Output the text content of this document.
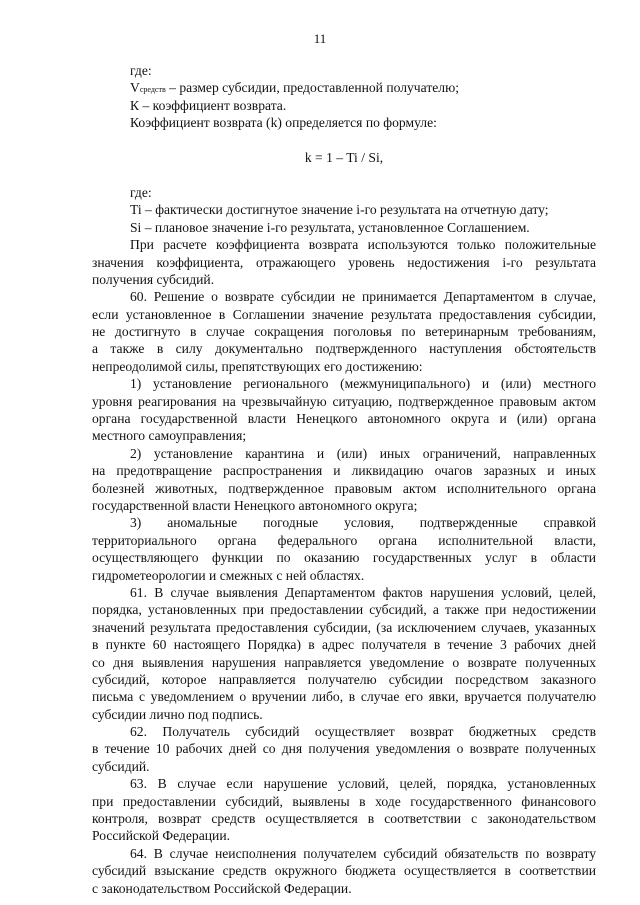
11
где:
Vсредств – размер субсидии, предоставленной получателю;
К – коэффициент возврата.
Коэффициент возврата (k) определяется по формуле:
k = 1 – Ti / Si,
где:
Ti – фактически достигнутое значение i-го результата на отчетную дату;
Si – плановое значение i-го результата, установленное Соглашением.
При расчете коэффициента возврата используются только положительные
значения коэффициента, отражающего уровень недостижения i-го результата
получения субсидий.
60. Решение о возврате субсидии не принимается Департаментом в случае,
если установленное в Соглашении значение результата предоставления субсидии,
не достигнуто в случае сокращения поголовья по ветеринарным требованиям,
а также в силу документально подтвержденного наступления обстоятельств
непреодолимой силы, препятствующих его достижению:
1) установление регионального (межмуниципального) и (или) местного
уровня реагирования на чрезвычайную ситуацию, подтвержденное правовым актом
органа государственной власти Ненецкого автономного округа и (или) органа
местного самоуправления;
2) установление карантина и (или) иных ограничений, направленных
на предотвращение распространения и ликвидацию очагов заразных и иных
болезней животных, подтвержденное правовым актом исполнительного органа
государственной власти Ненецкого автономного округа;
3) аномальные погодные условия, подтвержденные справкой
территориального органа федерального органа исполнительной власти,
осуществляющего функции по оказанию государственных услуг в области
гидрометеорологии и смежных с ней областях.
61. В случае выявления Департаментом фактов нарушения условий, целей,
порядка, установленных при предоставлении субсидий, а также при недостижении
значений результата предоставления субсидии, (за исключением случаев, указанных
в пункте 60 настоящего Порядка) в адрес получателя в течение 3 рабочих дней
со дня выявления нарушения направляется уведомление о возврате полученных
субсидий, которое направляется получателю субсидии посредством заказного
письма с уведомлением о вручении либо, в случае его явки, вручается получателю
субсидии лично под подпись.
62. Получатель субсидий осуществляет возврат бюджетных средств
в течение 10 рабочих дней со дня получения уведомления о возврате полученных
субсидий.
63. В случае если нарушение условий, целей, порядка, установленных
при предоставлении субсидий, выявлены в ходе государственного финансового
контроля, возврат средств осуществляется в соответствии с законодательством
Российской Федерации.
64. В случае неисполнения получателем субсидий обязательств по возврату
субсидий взыскание средств окружного бюджета осуществляется в соответствии
с законодательством Российской Федерации.
